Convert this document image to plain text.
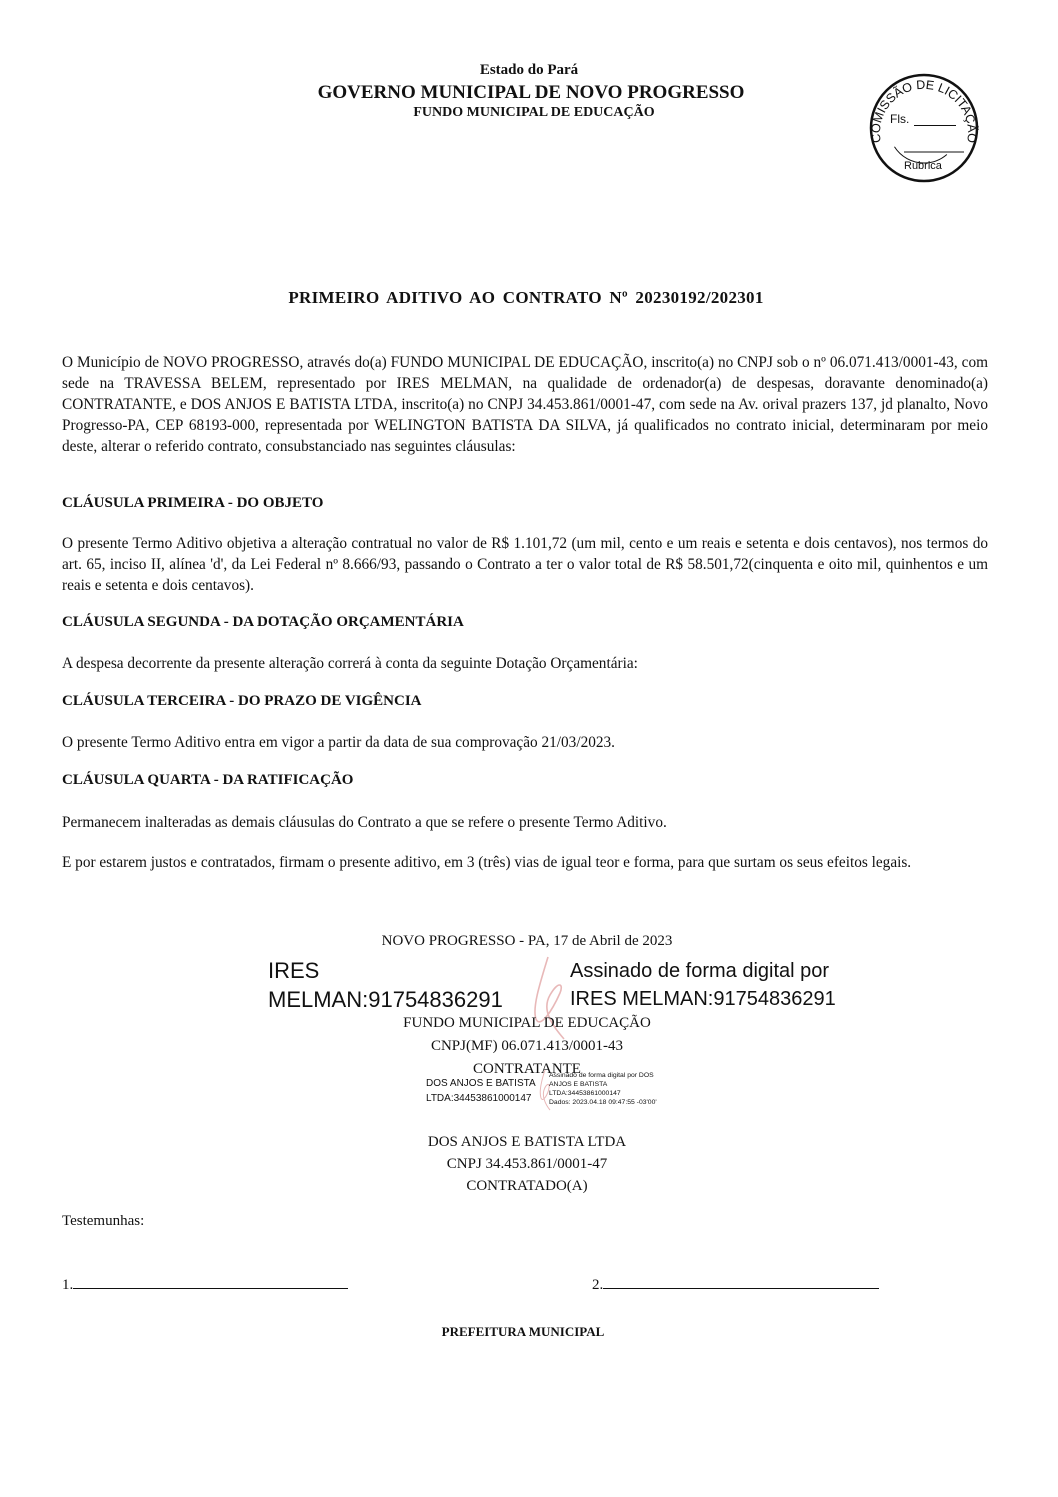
Estado do Pará
GOVERNO MUNICIPAL DE NOVO PROGRESSO
FUNDO MUNICIPAL DE EDUCAÇÃO
COMISSÃO DE LICITAÇÃO
Fls.
Rubrica
PRIMEIRO ADITIVO AO CONTRATO Nº 20230192/202301
O Município de NOVO PROGRESSO, através do(a) FUNDO MUNICIPAL DE EDUCAÇÃO, inscrito(a) no CNPJ sob o nº 06.071.413/0001-43, com sede na TRAVESSA BELEM, representado por IRES MELMAN, na qualidade de ordenador(a) de despesas, doravante denominado(a) CONTRATANTE, e DOS ANJOS E BATISTA LTDA, inscrito(a) no CNPJ 34.453.861/0001-47, com sede na Av. orival prazers 137, jd planalto, Novo Progresso-PA, CEP 68193-000, representada por WELINGTON BATISTA DA SILVA, já qualificados no contrato inicial, determinaram por meio deste, alterar o referido contrato, consubstanciado nas seguintes cláusulas:
CLÁUSULA PRIMEIRA - DO OBJETO
O presente Termo Aditivo objetiva a alteração contratual no valor de R$ 1.101,72 (um mil, cento e um reais e setenta e dois centavos), nos termos do art. 65, inciso II, alínea 'd', da Lei Federal nº 8.666/93, passando o Contrato a ter o valor total de R$ 58.501,72(cinquenta e oito mil, quinhentos e um reais e setenta e dois centavos).
CLÁUSULA SEGUNDA - DA DOTAÇÃO ORÇAMENTÁRIA
A despesa decorrente da presente alteração correrá à conta da seguinte Dotação Orçamentária:
CLÁUSULA TERCEIRA - DO PRAZO DE VIGÊNCIA
O presente Termo Aditivo entra em vigor a partir da data de sua comprovação 21/03/2023.
CLÁUSULA QUARTA - DA RATIFICAÇÃO
Permanecem inalteradas as demais cláusulas do Contrato a que se refere o presente Termo Aditivo.
E por estarem justos e contratados, firmam o presente aditivo, em 3 (três) vias de igual teor e forma, para que surtam os seus efeitos legais.
NOVO PROGRESSO - PA, 17 de Abril de 2023
IRES
MELMAN:91754836291
Assinado de forma digital por
IRES MELMAN:91754836291
FUNDO MUNICIPAL DE EDUCAÇÃO
CNPJ(MF) 06.071.413/0001-43
CONTRATANTE
DOS ANJOS E BATISTA
LTDA:34453861000147
Assinado de forma digital por DOS
ANJOS E BATISTA
LTDA:34453861000147
Dados: 2023.04.18 09:47:55 -03'00'
DOS ANJOS E BATISTA LTDA
CNPJ 34.453.861/0001-47
CONTRATADO(A)
Testemunhas:
1.	2.
PREFEITURA MUNICIPAL
